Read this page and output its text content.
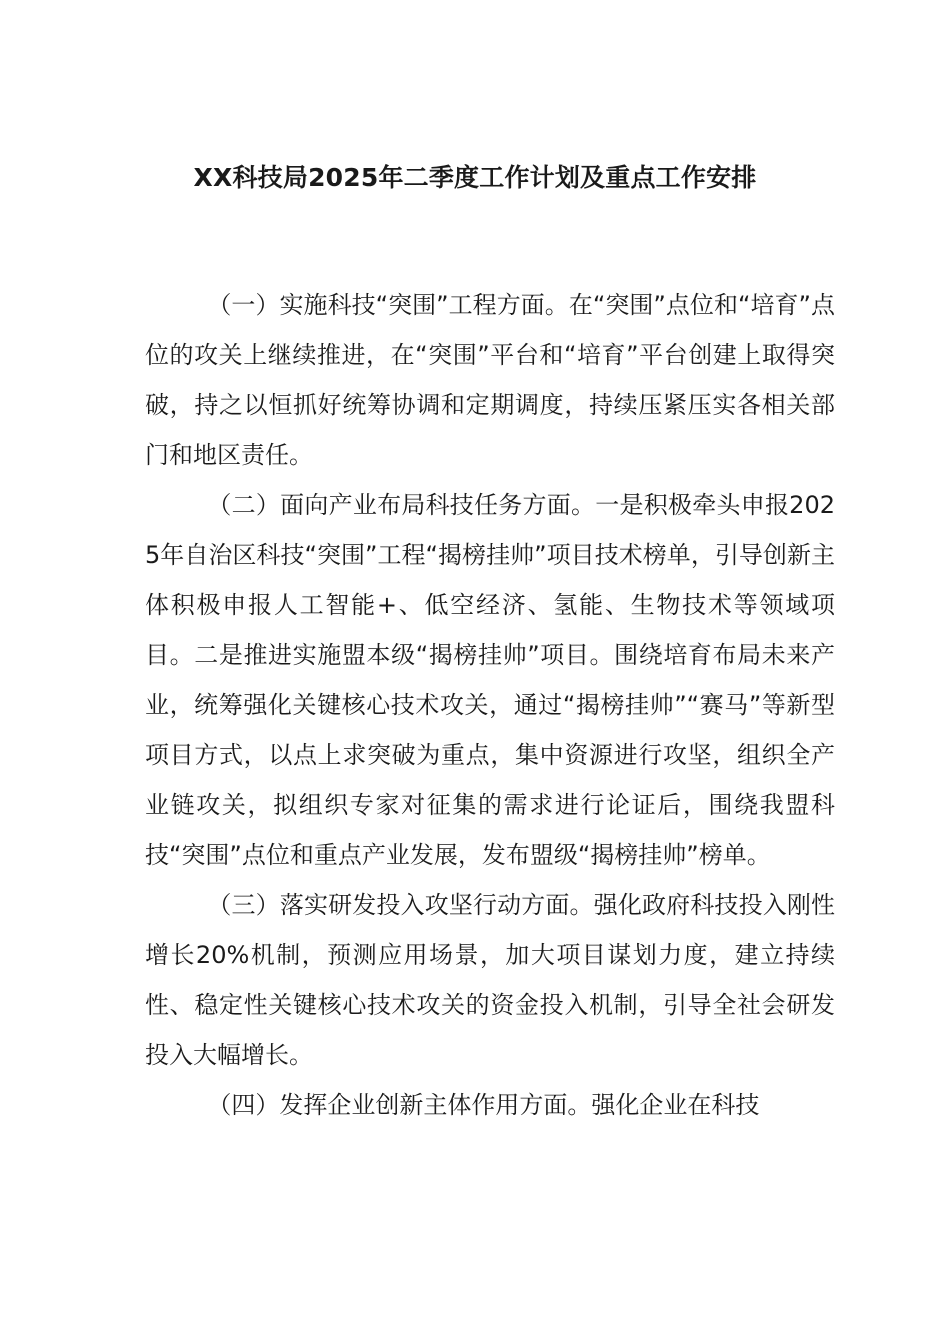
XX科技局2025年二季度工作计划及重点工作安排

（一）实施科技“突围”工程方面。在“突围”点位和“培育”点位的攻关上继续推进，在“突围”平台和“培育”平台创建上取得突破，持之以恒抓好统筹协调和定期调度，持续压紧压实各相关部门和地区责任。

（二）面向产业布局科技任务方面。一是积极牵头申报2025年自治区科技“突围”工程“揭榜挂帅”项目技术榜单，引导创新主体积极申报人工智能+、低空经济、氢能、生物技术等领域项目。二是推进实施盟本级“揭榜挂帅”项目。围绕培育布局未来产业，统筹强化关键核心技术攻关，通过“揭榜挂帅”“赛马”等新型项目方式，以点上求突破为重点，集中资源进行攻坚，组织全产业链攻关，拟组织专家对征集的需求进行论证后，围绕我盟科技“突围”点位和重点产业发展，发布盟级“揭榜挂帅”榜单。

（三）落实研发投入攻坚行动方面。强化政府科技投入刚性增长20%机制，预测应用场景，加大项目谋划力度，建立持续性、稳定性关键核心技术攻关的资金投入机制，引导全社会研发投入大幅增长。

（四）发挥企业创新主体作用方面。强化企业在科技
